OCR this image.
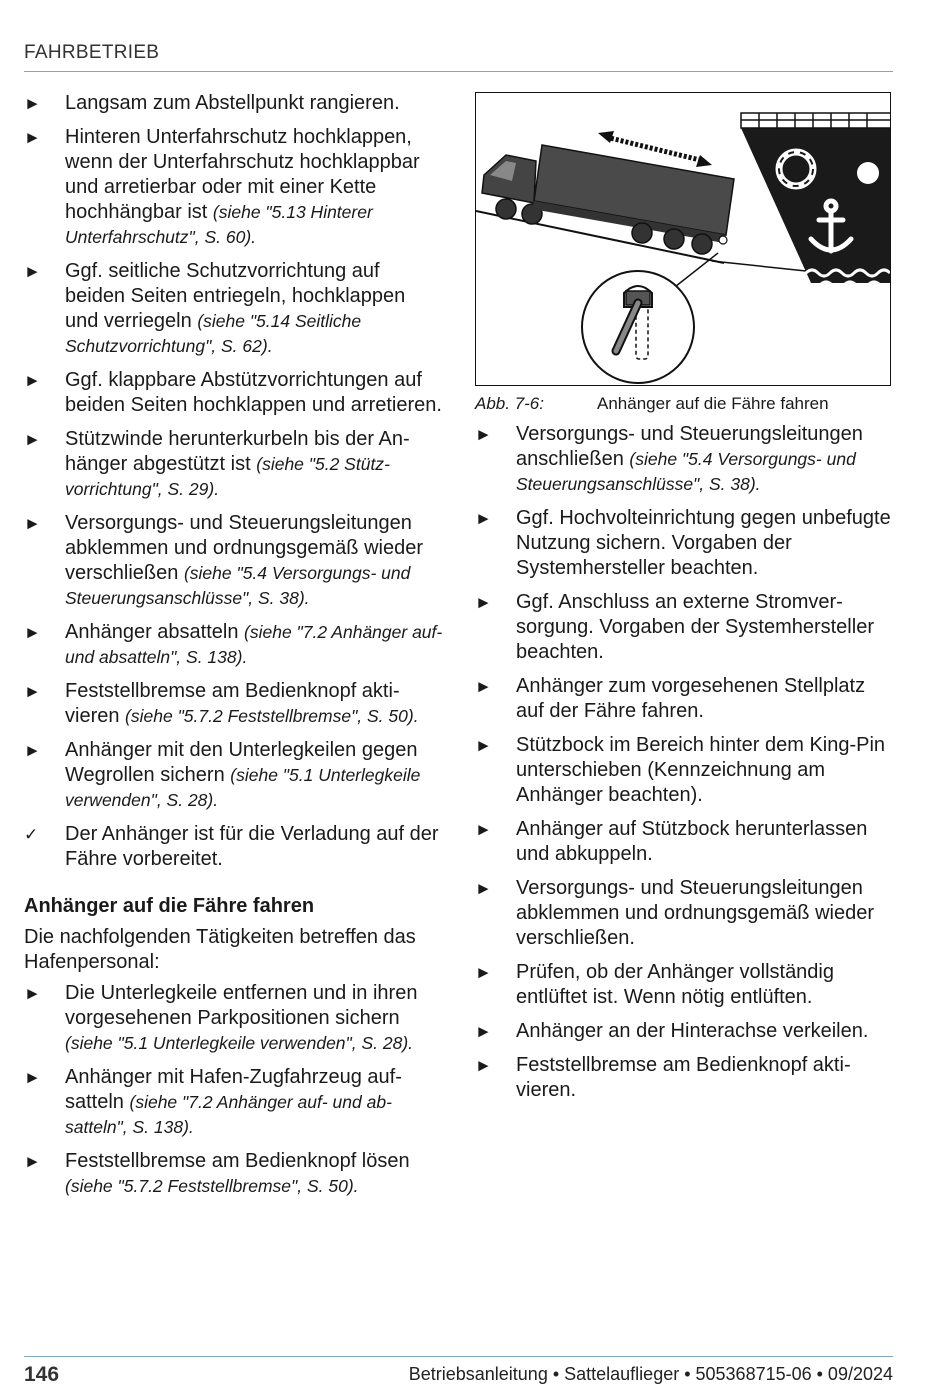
FAHRBETRIEB
►	Langsam zum Abstellpunkt rangieren.
►	Hinteren Unterfahrschutz hochklappen, wenn der Unterfahrschutz hochklappbar und arretierbar oder mit einer Kette hochhängbar ist (siehe "5.13 Hinterer Unterfahrschutz", S. 60).
►	Ggf. seitliche Schutzvorrichtung auf beiden Seiten entriegeln, hochklappen und verriegeln (siehe "5.14 Seitliche Schutzvorrichtung", S. 62).
►	Ggf. klappbare Abstützvorrichtungen auf beiden Seiten hochklappen und arretieren.
►	Stützwinde herunterkurbeln bis der Anhänger abgestützt ist (siehe "5.2 Stützvorrichtung", S. 29).
►	Versorgungs- und Steuerungsleitungen abklemmen und ordnungsgemäß wieder verschließen (siehe "5.4 Versorgungs- und Steuerungsanschlüsse", S. 38).
►	Anhänger absatteln (siehe "7.2 Anhänger auf- und absatteln", S. 138).
►	Feststellbremse am Bedienknopf aktivieren (siehe "5.7.2 Feststellbremse", S. 50).
►	Anhänger mit den Unterlegkeilen gegen Wegrollen sichern (siehe "5.1 Unterlegkeile verwenden", S. 28).
✓	Der Anhänger ist für die Verladung auf der Fähre vorbereitet.
Anhänger auf die Fähre fahren
Die nachfolgenden Tätigkeiten betreffen das Hafenpersonal:
►	Die Unterlegkeile entfernen und in ihren vorgesehenen Parkpositionen sichern (siehe "5.1 Unterlegkeile verwenden", S. 28).
►	Anhänger mit Hafen-Zugfahrzeug aufsatteln (siehe "7.2 Anhänger auf- und absatteln", S. 138).
►	Feststellbremse am Bedienknopf lösen (siehe "5.7.2 Feststellbremse", S. 50).
Abb. 7-6:	Anhänger auf die Fähre fahren
►	Versorgungs- und Steuerungsleitungen anschließen (siehe "5.4 Versorgungs- und Steuerungsanschlüsse", S. 38).
►	Ggf. Hochvolteinrichtung gegen unbefugte Nutzung sichern. Vorgaben der Systemhersteller beachten.
►	Ggf. Anschluss an externe Stromversorgung. Vorgaben der Systemhersteller beachten.
►	Anhänger zum vorgesehenen Stellplatz auf der Fähre fahren.
►	Stützbock im Bereich hinter dem King-Pin unterschieben (Kennzeichnung am Anhänger beachten).
►	Anhänger auf Stützbock herunterlassen und abkuppeln.
►	Versorgungs- und Steuerungsleitungen abklemmen und ordnungsgemäß wieder verschließen.
►	Prüfen, ob der Anhänger vollständig entlüftet ist. Wenn nötig entlüften.
►	Anhänger an der Hinterachse verkeilen.
►	Feststellbremse am Bedienknopf aktivieren.
146	Betriebsanleitung • Sattelauflieger • 505368715-06 • 09/2024
